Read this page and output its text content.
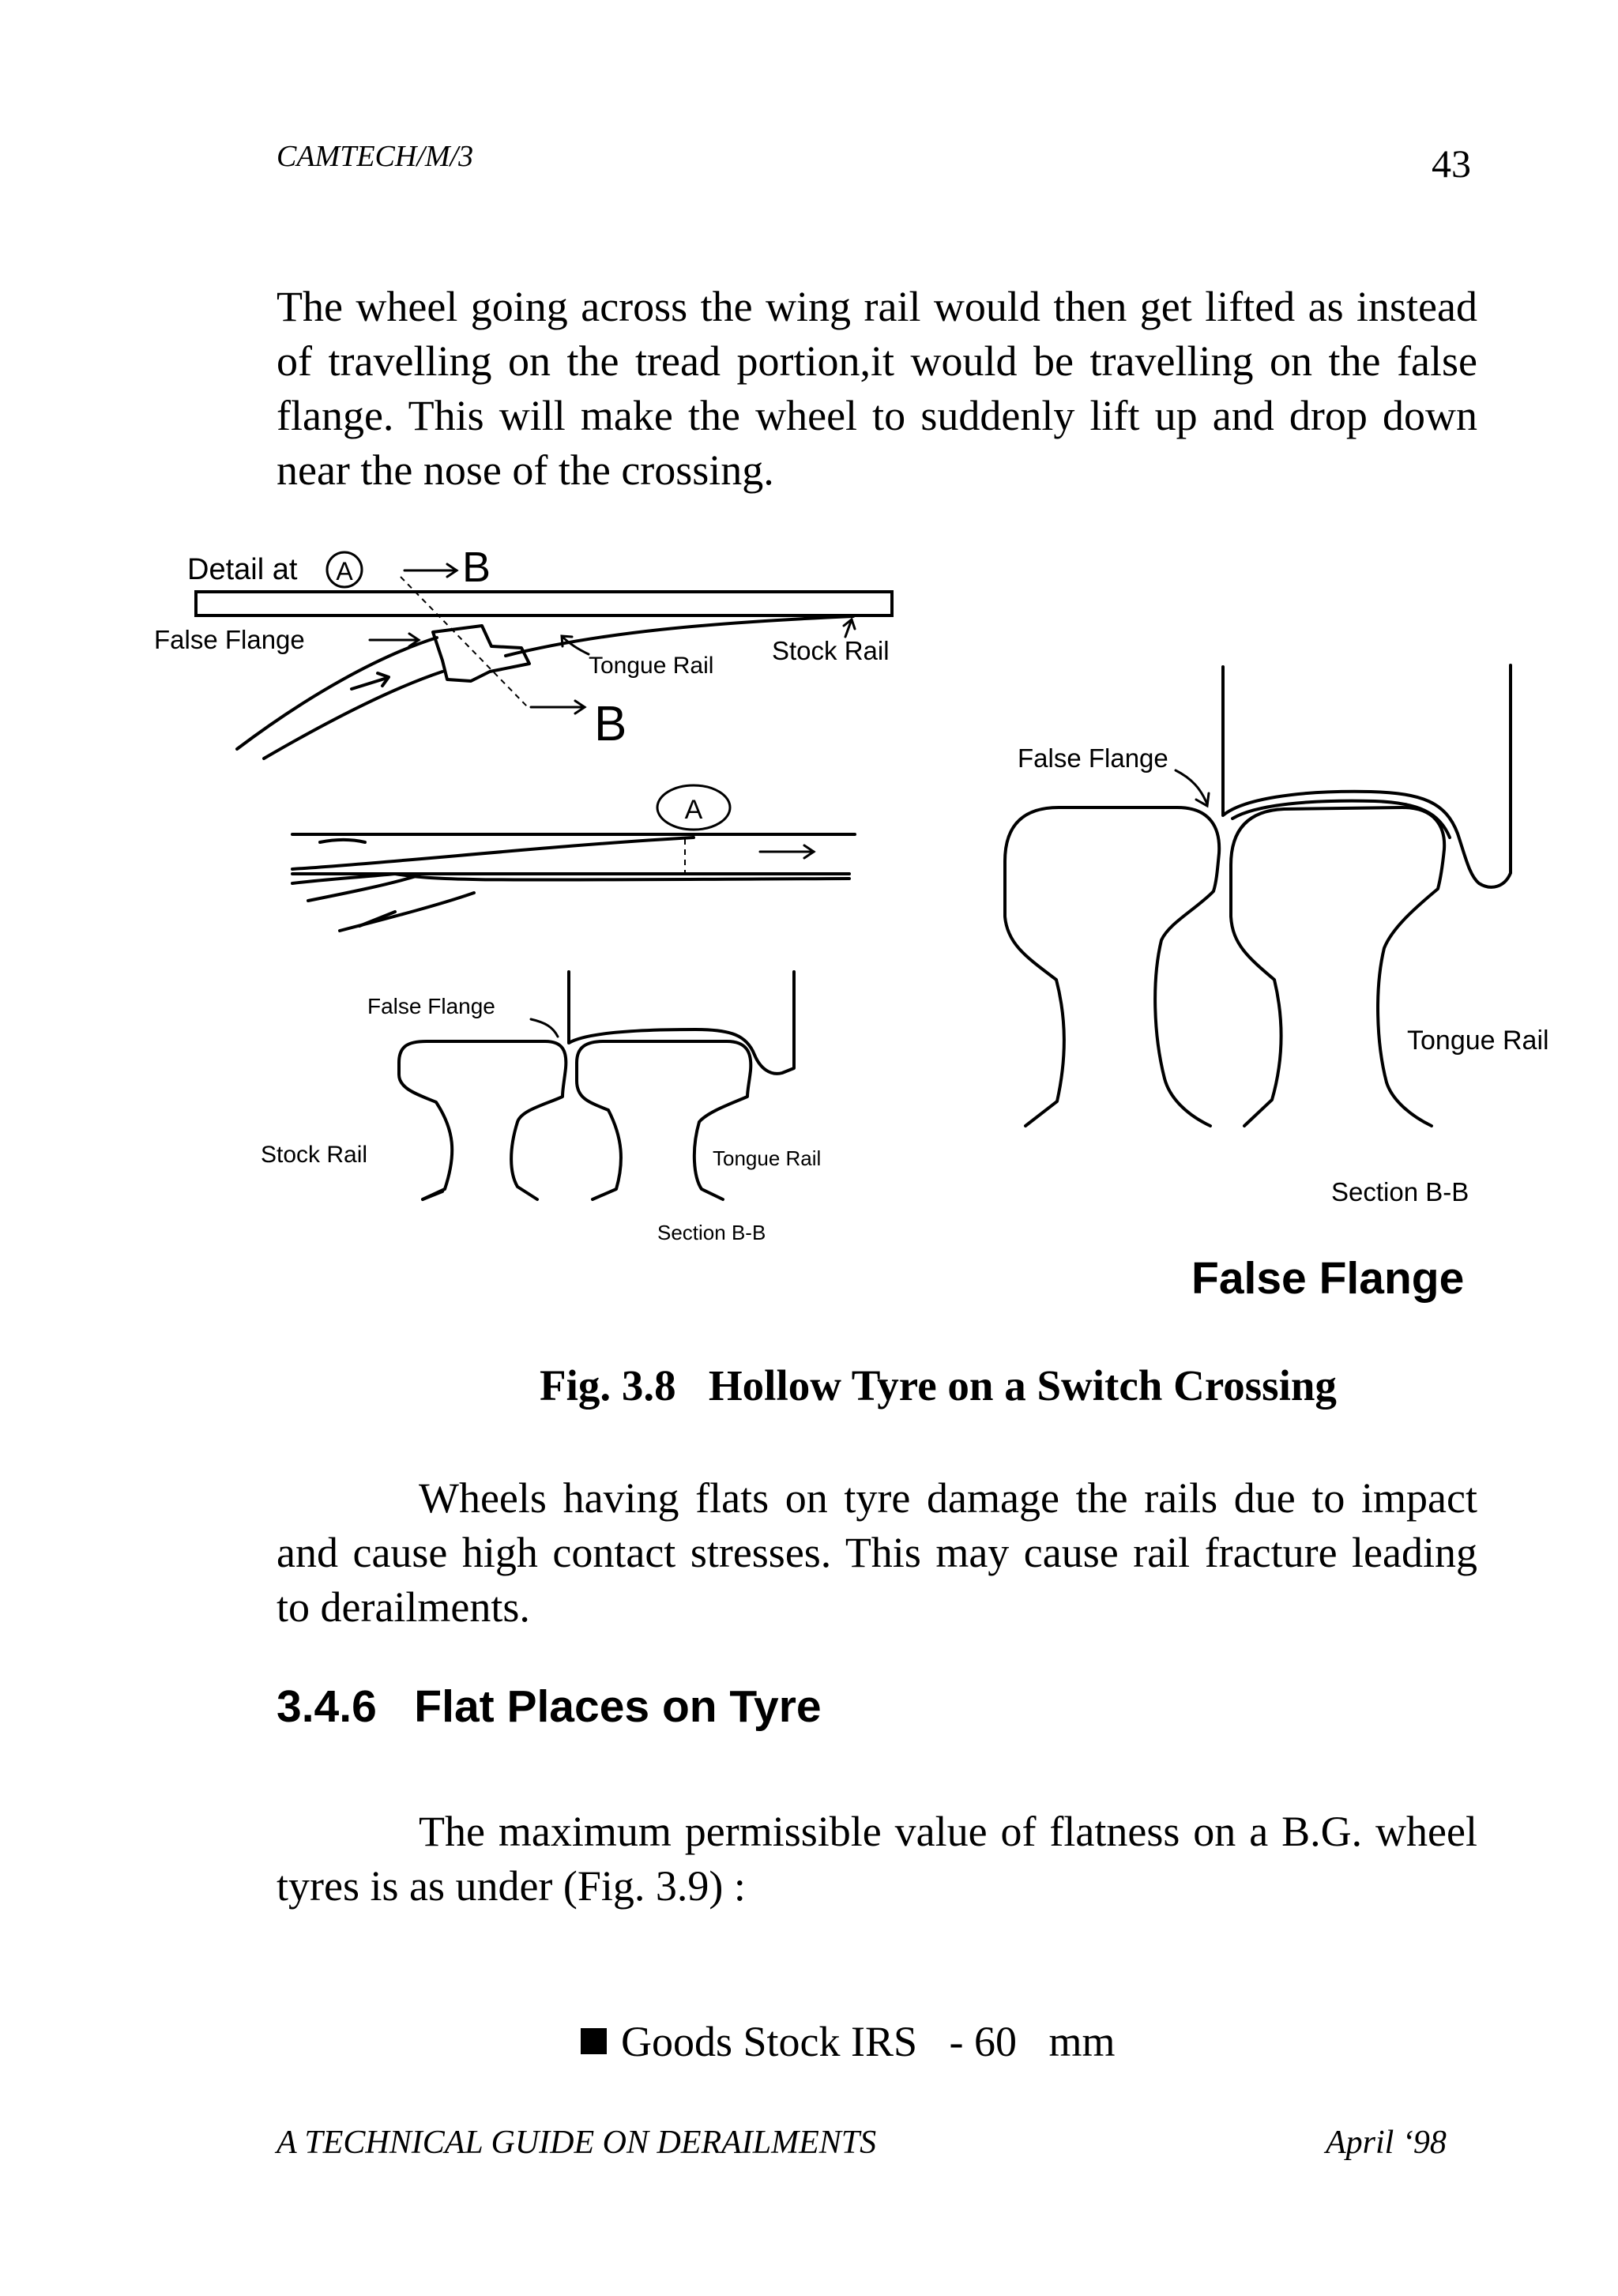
CAMTECH/M/3	43

The wheel going across the wing rail would then get lifted as instead of travelling on the tread portion,it would be travelling on the false flange. This will make the wheel to suddenly lift up and drop down near the nose of the crossing.

Detail at A	B
False Flange
Tongue Rail
Stock Rail
B
A
False Flange
Stock Rail	Tongue Rail
Section B-B
False Flange
Tongue Rail
Section B-B
False Flange
Fig. 3.8   Hollow Tyre on a Switch Crossing

Wheels having flats on tyre damage the rails due to impact and cause high contact stresses. This may cause rail fracture leading to derailments.

3.4.6   Flat Places on Tyre

The maximum permissible value of flatness on a B.G. wheel tyres is as under (Fig. 3.9) :

Goods Stock IRS   - 60   mm

A TECHNICAL GUIDE ON DERAILMENTS	April ‘98
